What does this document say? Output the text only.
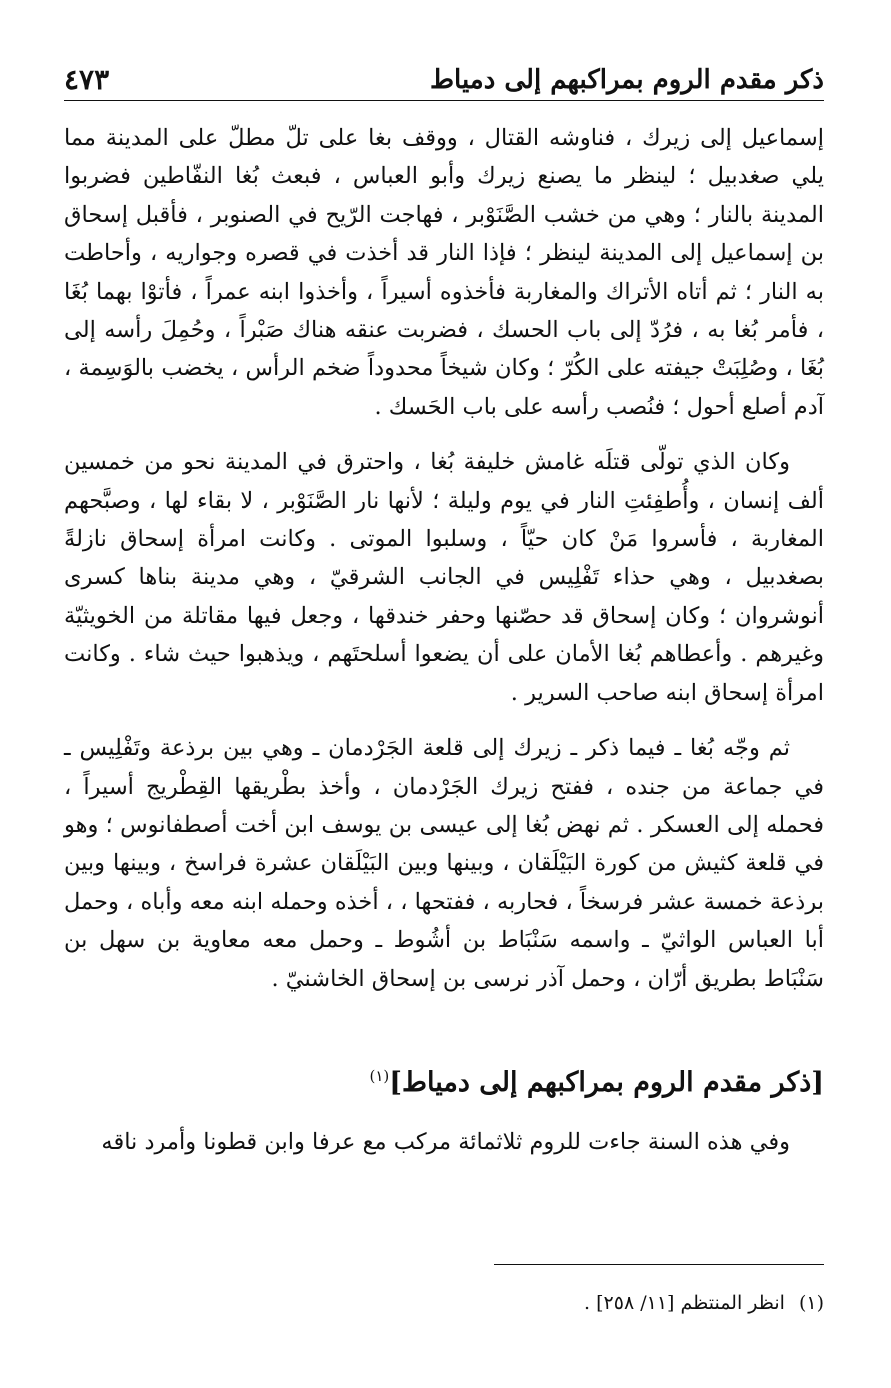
ذكر مقدم الروم بمراكبهم إلى دمياط
٤٧٣

إسماعيل إلى زيرك ، فناوشه القتال ، ووقف بغا على تلّ مطلّ على المدينة مما يلي صغدبيل ؛ لينظر ما يصنع زيرك وأبو العباس ، فبعث بُغا النفّاطين فضربوا المدينة بالنار ؛ وهي من خشب الصَّنَوْبر ، فهاجت الرّيح في الصنوبر ، فأقبل إسحاق بن إسماعيل إلى المدينة لينظر ؛ فإذا النار قد أخذت في قصره وجواريه ، وأحاطت به النار ؛ ثم أتاه الأتراك والمغاربة فأخذوه أسيراً ، وأخذوا ابنه عمراً ، فأتوْا بهما بُغَا ، فأمر بُغا به ، فرُدّ إلى باب الحسك ، فضربت عنقه هناك صَبْراً ، وحُمِلَ رأسه إلى بُغَا ، وصُلِبَتْ جيفته على الكُرّ ؛ وكان شيخاً محدوداً ضخم الرأس ، يخضب بالوَسِمة ، آدم أصلع أحول ؛ فنُصب رأسه على باب الحَسك .

وكان الذي تولّى قتلَه غامش خليفة بُغا ، واحترق في المدينة نحو من خمسين ألف إنسان ، وأُطفِئتِ النار في يوم وليلة ؛ لأنها نار الصَّنَوْبر ، لا بقاء لها ، وصبَّحهم المغاربة ، فأسروا مَنْ كان حيّاً ، وسلبوا الموتى . وكانت امرأة إسحاق نازلةً بصغدبيل ، وهي حذاء تَفْلِيس في الجانب الشرقيّ ، وهي مدينة بناها كسرى أنوشروان ؛ وكان إسحاق قد حصّنها وحفر خندقها ، وجعل فيها مقاتلة من الخويثيّة وغيرهم . وأعطاهم بُغا الأمان على أن يضعوا أسلحتَهم ، ويذهبوا حيث شاء . وكانت امرأة إسحاق ابنه صاحب السرير .

ثم وجّه بُغا ـ فيما ذكر ـ زيرك إلى قلعة الجَرْدمان ـ وهي بين برذعة وتَفْلِيس ـ في جماعة من جنده ، ففتح زيرك الجَرْدمان ، وأخذ بطْريقها القِطْريج أسيراً ، فحمله إلى العسكر . ثم نهض بُغا إلى عيسى بن يوسف ابن أخت أصطفانوس ؛ وهو في قلعة كثيش من كورة البَيْلَقان ، وبينها وبين البَيْلَقان عشرة فراسخ ، وبينها وبين برذعة خمسة عشر فرسخاً ، فحاربه ، ففتحها ، ، أخذه وحمله ابنه معه وأباه ، وحمل أبا العباس الواثيّ ـ واسمه سَنْبَاط بن أشُوط ـ وحمل معه معاوية بن سهل بن سَنْبَاط بطريق أرّان ، وحمل آذر نرسى بن إسحاق الخاشنيّ .

[ذكر مقدم الروم بمراكبهم إلى دمياط]$^{(١)}$

وفي هذه السنة جاءت للروم ثلاثمائة مركب مع عرفا وابن قطونا وأمرد ناقه

(١)انظر المنتظم [١١/ ٢٥٨] .
